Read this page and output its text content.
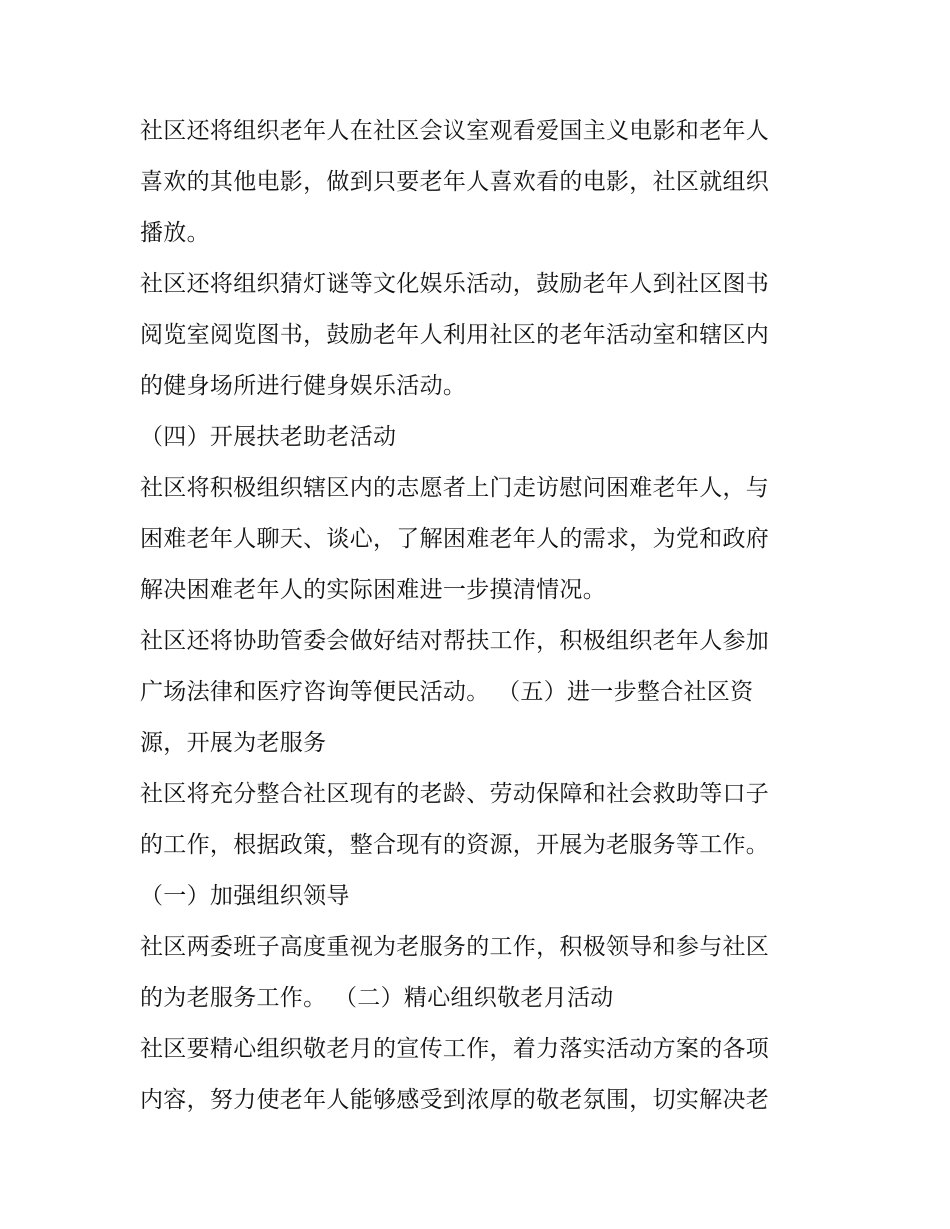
社区还将组织老年人在社区会议室观看爱国主义电影和老年人
喜欢的其他电影，做到只要老年人喜欢看的电影，社区就组织
播放。
社区还将组织猜灯谜等文化娱乐活动，鼓励老年人到社区图书
阅览室阅览图书，鼓励老年人利用社区的老年活动室和辖区内
的健身场所进行健身娱乐活动。
（四）开展扶老助老活动
社区将积极组织辖区内的志愿者上门走访慰问困难老年人，与
困难老年人聊天、谈心，了解困难老年人的需求，为党和政府
解决困难老年人的实际困难进一步摸清情况。
社区还将协助管委会做好结对帮扶工作，积极组织老年人参加
广场法律和医疗咨询等便民活动。 （五）进一步整合社区资
源，开展为老服务
社区将充分整合社区现有的老龄、劳动保障和社会救助等口子
的工作，根据政策，整合现有的资源，开展为老服务等工作。
（一）加强组织领导
社区两委班子高度重视为老服务的工作，积极领导和参与社区
的为老服务工作。 （二）精心组织敬老月活动
社区要精心组织敬老月的宣传工作，着力落实活动方案的各项
内容，努力使老年人能够感受到浓厚的敬老氛围，切实解决老
